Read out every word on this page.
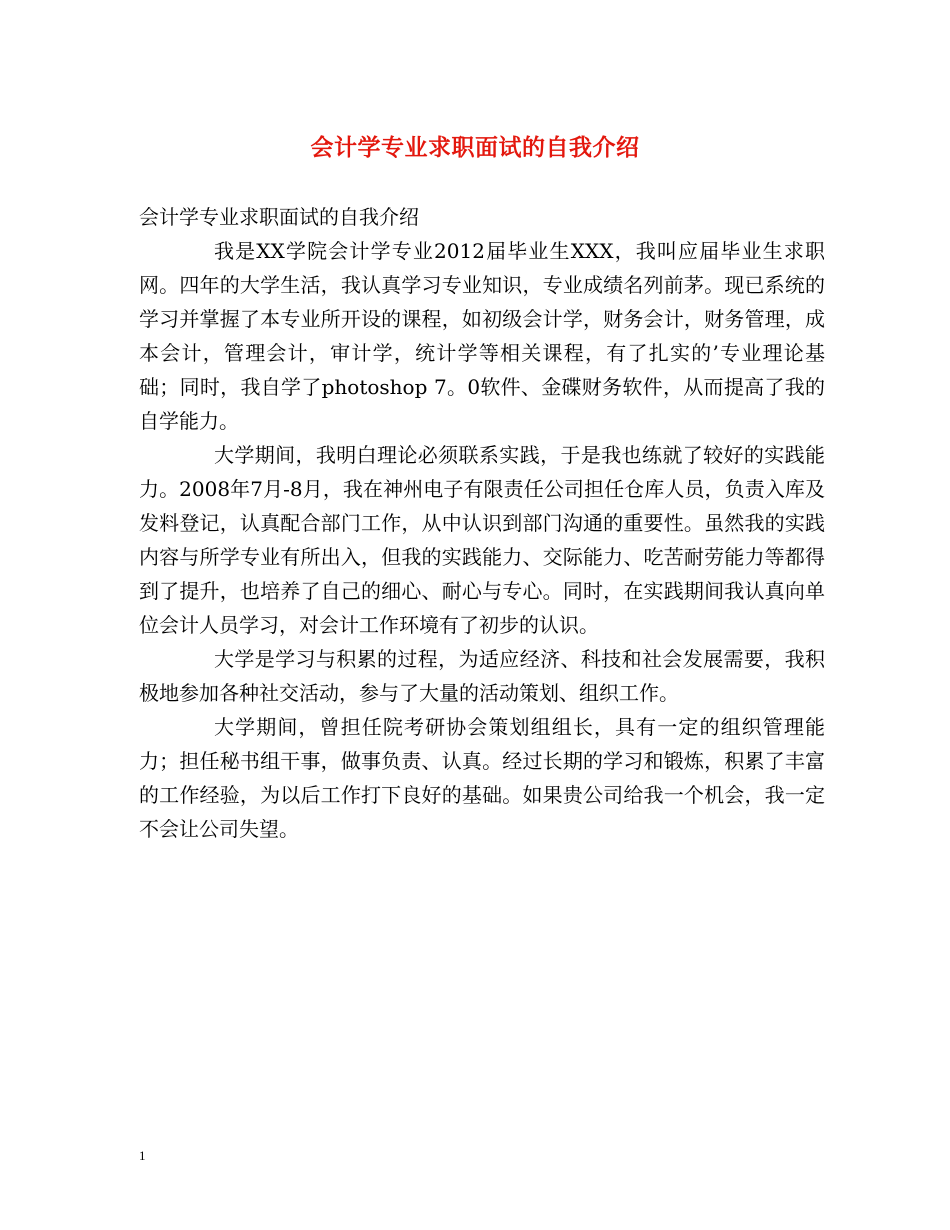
会计学专业求职面试的自我介绍

会计学专业求职面试的自我介绍

我是XX学院会计学专业2012届毕业生XXX，我叫应届毕业生求职网。四年的大学生活，我认真学习专业知识，专业成绩名列前茅。现已系统的学习并掌握了本专业所开设的课程，如初级会计学，财务会计，财务管理，成本会计，管理会计，审计学，统计学等相关课程，有了扎实的’专业理论基础；同时，我自学了photoshop 7。0软件、金碟财务软件，从而提高了我的自学能力。

大学期间，我明白理论必须联系实践，于是我也练就了较好的实践能力。2008年7月-8月，我在神州电子有限责任公司担任仓库人员，负责入库及发料登记，认真配合部门工作，从中认识到部门沟通的重要性。虽然我的实践内容与所学专业有所出入，但我的实践能力、交际能力、吃苦耐劳能力等都得到了提升，也培养了自己的细心、耐心与专心。同时，在实践期间我认真向单位会计人员学习，对会计工作环境有了初步的认识。

大学是学习与积累的过程，为适应经济、科技和社会发展需要，我积极地参加各种社交活动，参与了大量的活动策划、组织工作。

大学期间，曾担任院考研协会策划组组长，具有一定的组织管理能力；担任秘书组干事，做事负责、认真。经过长期的学习和锻炼，积累了丰富的工作经验，为以后工作打下良好的基础。如果贵公司给我一个机会，我一定不会让公司失望。

1
